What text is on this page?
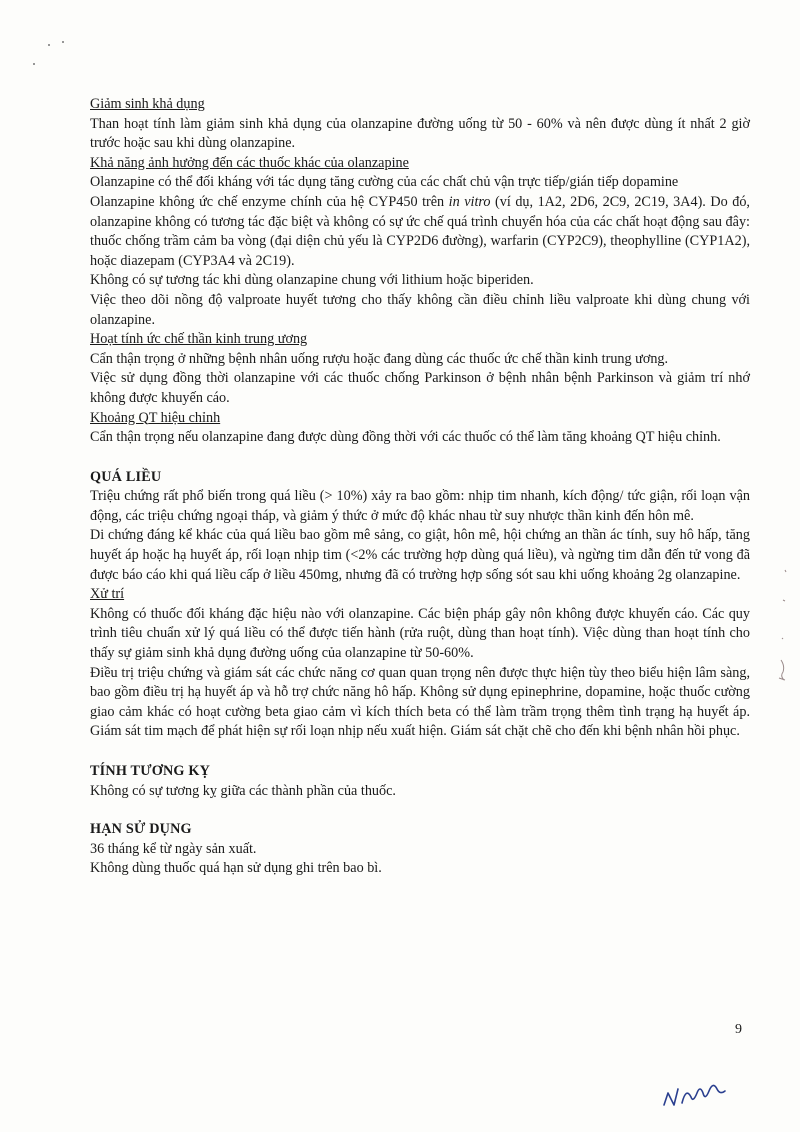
Giảm sinh khả dụng

Than hoạt tính làm giảm sinh khả dụng của olanzapine đường uống từ 50 - 60% và nên được dùng ít nhất 2 giờ trước hoặc sau khi dùng olanzapine.

Khả năng ảnh hưởng đến các thuốc khác của olanzapine

Olanzapine có thể đối kháng với tác dụng tăng cường của các chất chủ vận trực tiếp/gián tiếp dopamine

Olanzapine không ức chế enzyme chính của hệ CYP450 trên in vitro (ví dụ, 1A2, 2D6, 2C9, 2C19, 3A4). Do đó, olanzapine không có tương tác đặc biệt và không có sự ức chế quá trình chuyển hóa của các chất hoạt động sau đây: thuốc chống trầm cảm ba vòng (đại diện chủ yếu là CYP2D6 đường), warfarin (CYP2C9), theophylline (CYP1A2), hoặc diazepam (CYP3A4 và 2C19).

Không có sự tương tác khi dùng olanzapine chung với lithium hoặc biperiden.

Việc theo dõi nồng độ valproate huyết tương cho thấy không cần điều chỉnh liều valproate khi dùng chung với olanzapine.

Hoạt tính ức chế thần kinh trung ương

Cẩn thận trọng ở những bệnh nhân uống rượu hoặc đang dùng các thuốc ức chế thần kinh trung ương.

Việc sử dụng đồng thời olanzapine với các thuốc chống Parkinson ở bệnh nhân bệnh Parkinson và giảm trí nhớ không được khuyến cáo.

Khoảng QT hiệu chỉnh

Cẩn thận trọng nếu olanzapine đang được dùng đồng thời với các thuốc có thể làm tăng khoảng QT hiệu chỉnh.

QUÁ LIỀU

Triệu chứng rất phổ biến trong quá liều (> 10%) xảy ra bao gồm: nhịp tim nhanh, kích động/ tức giận, rối loạn vận động, các triệu chứng ngoại tháp, và giảm ý thức ở mức độ khác nhau từ suy nhược thần kinh đến hôn mê.

Di chứng đáng kể khác của quá liều bao gồm mê sảng, co giật, hôn mê, hội chứng an thần ác tính, suy hô hấp, tăng huyết áp hoặc hạ huyết áp, rối loạn nhịp tim (<2% các trường hợp dùng quá liều), và ngừng tim dẫn đến tử vong đã được báo cáo khi quá liều cấp ở liều 450mg, nhưng đã có trường hợp sống sót sau khi uống khoảng 2g olanzapine.

Xử trí

Không có thuốc đối kháng đặc hiệu nào với olanzapine. Các biện pháp gây nôn không được khuyến cáo. Các quy trình tiêu chuẩn xử lý quá liều có thể được tiến hành (rửa ruột, dùng than hoạt tính). Việc dùng than hoạt tính cho thấy sự giảm sinh khả dụng đường uống của olanzapine từ 50-60%.

Điều trị triệu chứng và giám sát các chức năng cơ quan quan trọng nên được thực hiện tùy theo biểu hiện lâm sàng, bao gồm điều trị hạ huyết áp và hỗ trợ chức năng hô hấp. Không sử dụng epinephrine, dopamine, hoặc thuốc cường giao cảm khác có hoạt cường beta giao cảm vì kích thích beta có thể làm trầm trọng thêm tình trạng hạ huyết áp. Giám sát tim mạch để phát hiện sự rối loạn nhịp nếu xuất hiện. Giám sát chặt chẽ cho đến khi bệnh nhân hồi phục.

TÍNH TƯƠNG KỴ

Không có sự tương kỵ giữa các thành phần của thuốc.

HẠN SỬ DỤNG

36 tháng kể từ ngày sản xuất.

Không dùng thuốc quá hạn sử dụng ghi trên bao bì.

9
